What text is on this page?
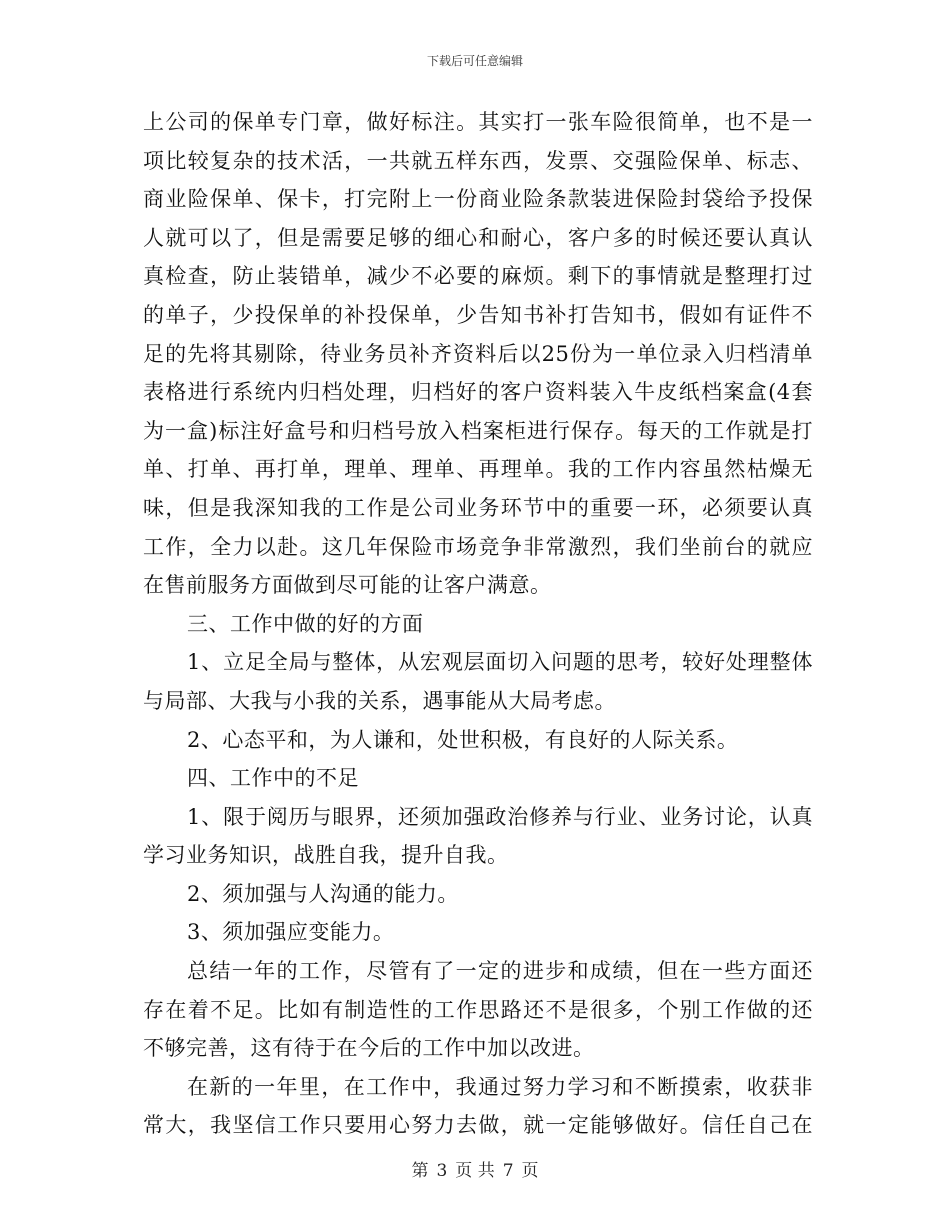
下载后可任意编辑
上公司的保单专门章，做好标注。其实打一张车险很简单，也不是一
项比较复杂的技术活，一共就五样东西，发票、交强险保单、标志、
商业险保单、保卡，打完附上一份商业险条款装进保险封袋给予投保
人就可以了，但是需要足够的细心和耐心，客户多的时候还要认真认
真检查，防止装错单，减少不必要的麻烦。剩下的事情就是整理打过
的单子，少投保单的补投保单，少告知书补打告知书，假如有证件不
足的先将其剔除，待业务员补齐资料后以25份为一单位录入归档清单
表格进行系统内归档处理，归档好的客户资料装入牛皮纸档案盒(4套
为一盒)标注好盒号和归档号放入档案柜进行保存。每天的工作就是打
单、打单、再打单，理单、理单、再理单。我的工作内容虽然枯燥无
味，但是我深知我的工作是公司业务环节中的重要一环，必须要认真
工作，全力以赴。这几年保险市场竞争非常激烈，我们坐前台的就应
在售前服务方面做到尽可能的让客户满意。
三、工作中做的好的方面
1、立足全局与整体，从宏观层面切入问题的思考，较好处理整体
与局部、大我与小我的关系，遇事能从大局考虑。
2、心态平和，为人谦和，处世积极，有良好的人际关系。
四、工作中的不足
1、限于阅历与眼界，还须加强政治修养与行业、业务讨论，认真
学习业务知识，战胜自我，提升自我。
2、须加强与人沟通的能力。
3、须加强应变能力。
总结一年的工作，尽管有了一定的进步和成绩，但在一些方面还
存在着不足。比如有制造性的工作思路还不是很多，个别工作做的还
不够完善，这有待于在今后的工作中加以改进。
在新的一年里，在工作中，我通过努力学习和不断摸索，收获非
常大，我坚信工作只要用心努力去做，就一定能够做好。信任自己在
第 3 页 共 7 页
